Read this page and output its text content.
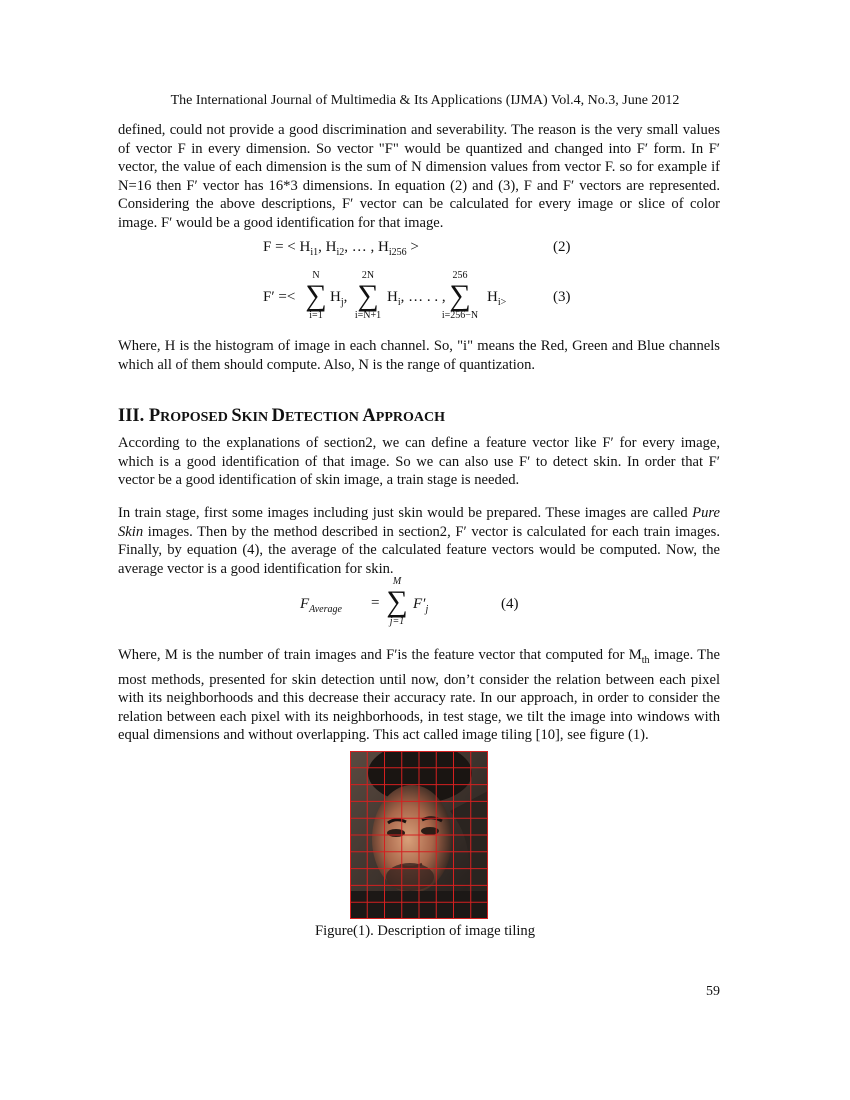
The International Journal of Multimedia & Its Applications (IJMA) Vol.4, No.3, June 2012

defined, could not provide a good discrimination and severability. The reason is the very small values of vector F in every dimension. So vector "F" would be quantized and changed into F′ form. In F′ vector, the value of each dimension is the sum of N dimension values from vector F. so for example if N=16 then F′ vector has 16*3 dimensions. In equation (2) and (3), F and F′ vectors are represented. Considering the above descriptions, F′ vector can be calculated for every image or slice of color image. F′ would be a good identification for that image.

F = < $H_{i1}$, $H_{i2}$, … , $H_{i256}$ >	(2)
F′ =<
N
∑
i=1
$H_j$,
2N
∑
i=N+1
$H_i$, … . . ,
256
∑
i=256−N
$H_{i>}$	(3)

Where, H is the histogram of image in each channel. So, "i" means the Red, Green and Blue channels which all of them should compute. Also, N is the range of quantization.

III. PROPOSED SKIN DETECTION APPROACH

According to the explanations of section2, we can define a feature vector like F′ for every image, which is a good identification of that image. So we can also use F′ to detect skin. In order that F′ vector be a good identification of skin image, a train stage is needed.

In train stage, first some images including just skin would be prepared. These images are called Pure Skin images. Then by the method described in section2, F′ vector is calculated for each train images. Finally, by equation (4), the average of the calculated feature vectors would be computed. Now, the average vector is a good identification for skin.

$F_{Average}$ =
M
∑
j=1
$F'_j$	(4)

Where, M is the number of train images and F′is the feature vector that computed for $M_{th}$ image. The most methods, presented for skin detection until now, don’t consider the relation between each pixel with its neighborhoods and this decrease their accuracy rate. In our approach, in order to consider the relation between each pixel with its neighborhoods, in test stage, we tilt the image into windows with equal dimensions and without overlapping. This act called image tiling [10], see figure (1).

Figure(1). Description of image tiling
59
